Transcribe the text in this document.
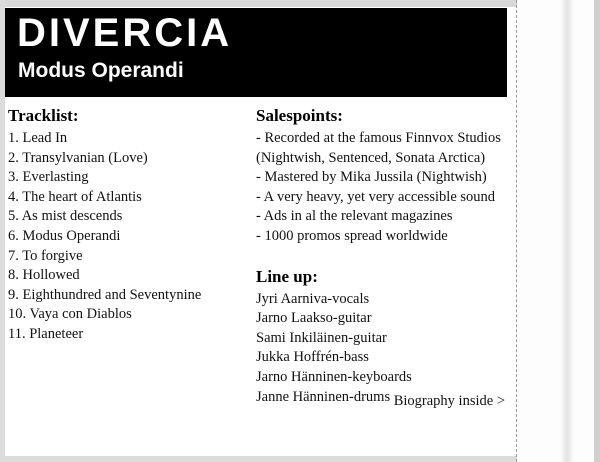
DIVERCIA
Modus Operandi
Tracklist:
1. Lead In
2. Transylvanian (Love)
3. Everlasting
4. The heart of Atlantis
5. As mist descends
6. Modus Operandi
7. To forgive
8. Hollowed
9. Eighthundred and Seventynine
10. Vaya con Diablos
11. Planeteer
Salespoints:
- Recorded at the famous Finnvox Studios (Nightwish, Sentenced, Sonata Arctica)
- Mastered by Mika Jussila (Nightwish)
- A very heavy, yet very accessible sound
- Ads in al the relevant magazines
- 1000 promos spread worldwide
Line up:
Jyri Aarniva-vocals
Jarno Laakso-guitar
Sami Inkiläinen-guitar
Jukka Hoffrén-bass
Jarno Hänninen-keyboards
Janne Hänninen-drums Biography inside >
